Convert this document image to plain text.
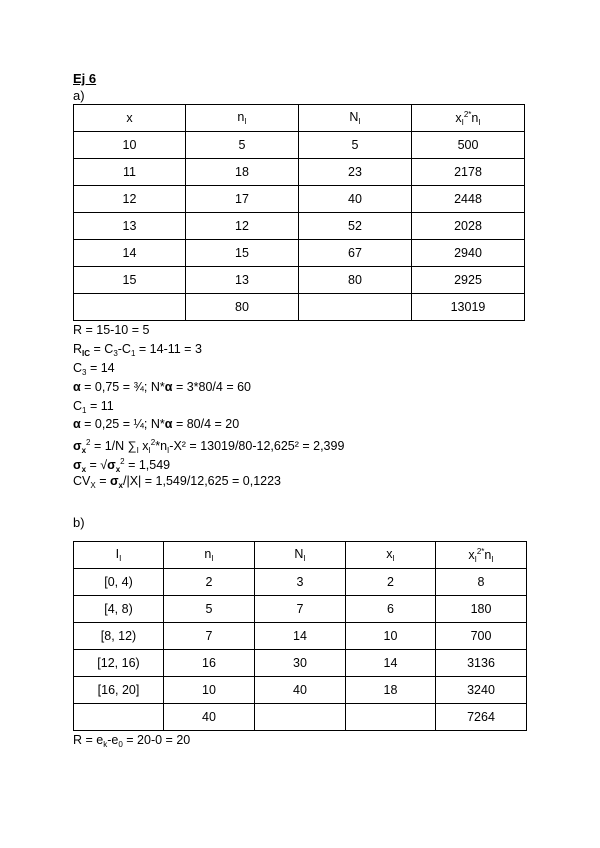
Ej 6
a)
x	$n_I$	$N_I$	$x_I^{2*}n_I$
10	5	5	500
11	18	23	2178
12	17	40	2448
13	12	52	2028
14	15	67	2940
15	13	80	2925
	80		13019
R = 15-10 = 5
$R_{IC} = C_3-C_1 = 14-11 = 3$
$C_3 = 14$
α = 0,75 = ¾; N*α = 3*80/4 = 60
$C_1 = 11$
α = 0,25 = ¼; N*α = 80/4 = 20
$\sigma_x^2 = 1/N$ $\sum_I$ $x_I^2*n_I-X^2 = 13019/80-12,625^2 = 2,399$
$\sigma_x = √\sigma_x^2 = 1,549$
$CV_X = \sigma_x/|X| = 1,549/12,625 = 0,1223$
b)
$I_I$	$n_I$	$N_I$	$x_I$	$x_I^{2*}n_I$
[0, 4)	2	3	2	8
[4, 8)	5	7	6	180
[8, 12)	7	14	10	700
[12, 16)	16	30	14	3136
[16, 20]	10	40	18	3240
	40			7264
$R = e_k-e_0 = 20-0 = 20$
